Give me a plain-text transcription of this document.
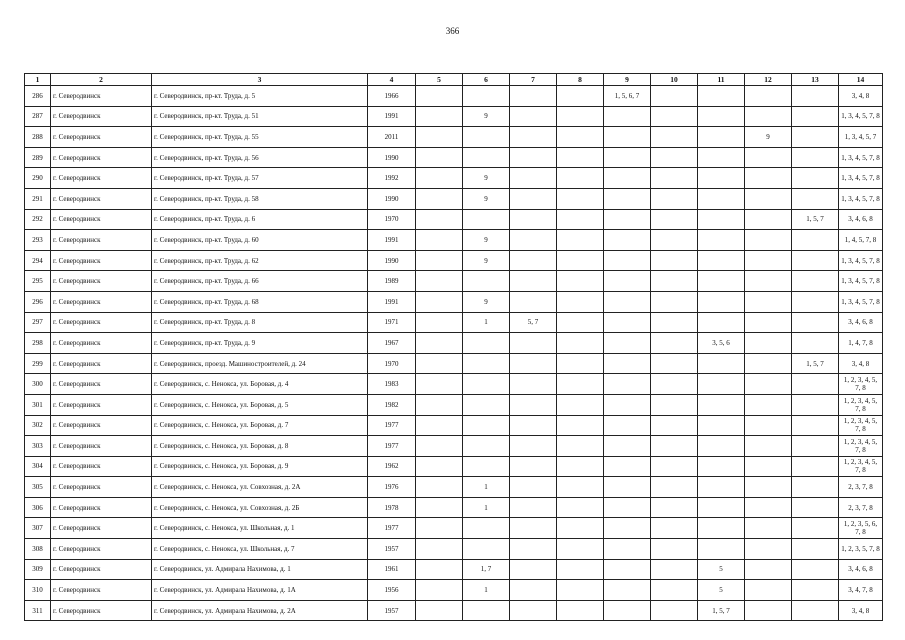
366
1	2	3	4	5	6	7	8	9	10	11	12	13	14
286	г. Северодвинск	г. Северодвинск, пр-кт. Труда, д. 5	1966					1, 5, 6, 7					3, 4, 8
287	г. Северодвинск	г. Северодвинск, пр-кт. Труда, д. 51	1991		9								1, 3, 4, 5, 7, 8
288	г. Северодвинск	г. Северодвинск, пр-кт. Труда, д. 55	2011								9		1, 3, 4, 5, 7
289	г. Северодвинск	г. Северодвинск, пр-кт. Труда, д. 56	1990										1, 3, 4, 5, 7, 8
290	г. Северодвинск	г. Северодвинск, пр-кт. Труда, д. 57	1992		9								1, 3, 4, 5, 7, 8
291	г. Северодвинск	г. Северодвинск, пр-кт. Труда, д. 58	1990		9								1, 3, 4, 5, 7, 8
292	г. Северодвинск	г. Северодвинск, пр-кт. Труда, д. 6	1970									1, 5, 7	3, 4, 6, 8
293	г. Северодвинск	г. Северодвинск, пр-кт. Труда, д. 60	1991		9								1, 4, 5, 7, 8
294	г. Северодвинск	г. Северодвинск, пр-кт. Труда, д. 62	1990		9								1, 3, 4, 5, 7, 8
295	г. Северодвинск	г. Северодвинск, пр-кт. Труда, д. 66	1989										1, 3, 4, 5, 7, 8
296	г. Северодвинск	г. Северодвинск, пр-кт. Труда, д. 68	1991		9								1, 3, 4, 5, 7, 8
297	г. Северодвинск	г. Северодвинск, пр-кт. Труда, д. 8	1971		1	5, 7							3, 4, 6, 8
298	г. Северодвинск	г. Северодвинск, пр-кт. Труда, д. 9	1967							3, 5, 6			1, 4, 7, 8
299	г. Северодвинск	г. Северодвинск, проезд. Машиностроителей, д. 24	1970									1, 5, 7	3, 4, 8
300	г. Северодвинск	г. Северодвинск, с. Ненокса, ул. Боровая, д. 4	1983										1, 2, 3, 4, 5, 7, 8
301	г. Северодвинск	г. Северодвинск, с. Ненокса, ул. Боровая, д. 5	1982										1, 2, 3, 4, 5, 7, 8
302	г. Северодвинск	г. Северодвинск, с. Ненокса, ул. Боровая, д. 7	1977										1, 2, 3, 4, 5, 7, 8
303	г. Северодвинск	г. Северодвинск, с. Ненокса, ул. Боровая, д. 8	1977										1, 2, 3, 4, 5, 7, 8
304	г. Северодвинск	г. Северодвинск, с. Ненокса, ул. Боровая, д. 9	1962										1, 2, 3, 4, 5, 7, 8
305	г. Северодвинск	г. Северодвинск, с. Ненокса, ул. Совхозная, д. 2А	1976		1								2, 3, 7, 8
306	г. Северодвинск	г. Северодвинск, с. Ненокса, ул. Совхозная, д. 2Б	1978		1								2, 3, 7, 8
307	г. Северодвинск	г. Северодвинск, с. Ненокса, ул. Школьная, д. 1	1977										1, 2, 3, 5, 6, 7, 8
308	г. Северодвинск	г. Северодвинск, с. Ненокса, ул. Школьная, д. 7	1957										1, 2, 3, 5, 7, 8
309	г. Северодвинск	г. Северодвинск, ул. Адмирала Нахимова, д. 1	1961		1, 7					5			3, 4, 6, 8
310	г. Северодвинск	г. Северодвинск, ул. Адмирала Нахимова, д. 1А	1956		1					5			3, 4, 7, 8
311	г. Северодвинск	г. Северодвинск, ул. Адмирала Нахимова, д. 2А	1957							1, 5, 7			3, 4, 8
